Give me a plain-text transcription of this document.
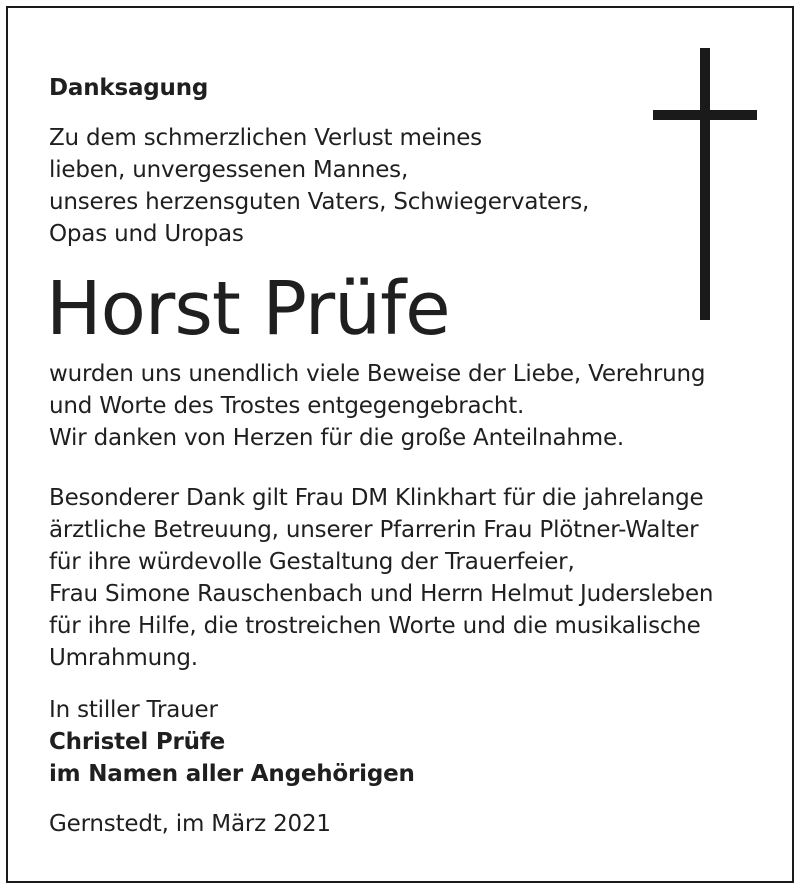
Danksagung
Zu dem schmerzlichen Verlust meines
lieben, unvergessenen Mannes,
unseres herzensguten Vaters, Schwiegervaters,
Opas und Uropas
Horst Prüfe
wurden uns unendlich viele Beweise der Liebe, Verehrung
und Worte des Trostes entgegengebracht.
Wir danken von Herzen für die große Anteilnahme.
Besonderer Dank gilt Frau DM Klinkhart für die jahrelange
ärztliche Betreuung, unserer Pfarrerin Frau Plötner-Walter
für ihre würdevolle Gestaltung der Trauerfeier,
Frau Simone Rauschenbach und Herrn Helmut Judersleben
für ihre Hilfe, die trostreichen Worte und die musikalische
Umrahmung.
In stiller Trauer
Christel Prüfe
im Namen aller Angehörigen
Gernstedt, im März 2021
